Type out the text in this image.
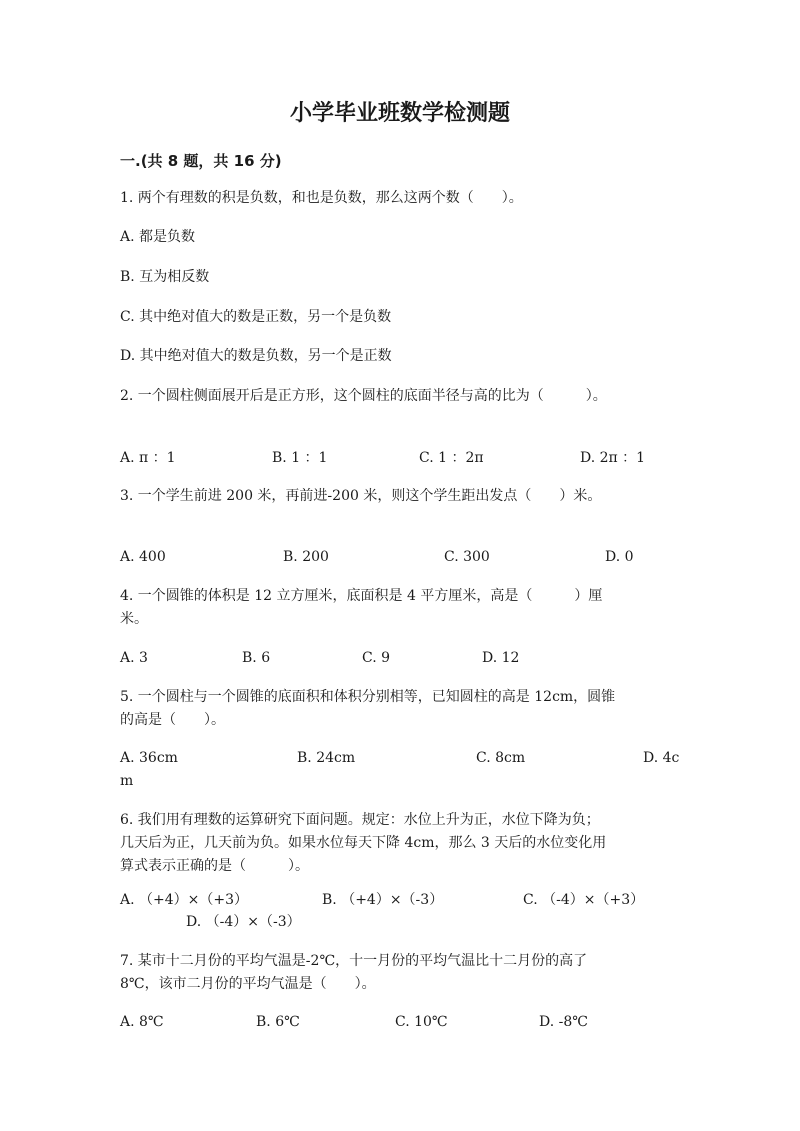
小学毕业班数学检测题
一.(共 8 题，共 16 分)
1. 两个有理数的积是负数，和也是负数，那么这两个数（　　）。
A. 都是负数
B. 互为相反数
C. 其中绝对值大的数是正数，另一个是负数
D. 其中绝对值大的数是负数，另一个是正数
2. 一个圆柱侧面展开后是正方形，这个圆柱的底面半径与高的比为（　　　）。
A. π ：1	B. 1 ：1	C. 1 ：2π	D. 2π ：1
3. 一个学生前进 200 米，再前进-200 米，则这个学生距出发点（　　）米。
A. 400	B. 200	C. 300	D. 0
4. 一个圆锥的体积是 12 立方厘米，底面积是 4 平方厘米，高是（　　　）厘
米。
A. 3	B. 6	C. 9	D. 12
5. 一个圆柱与一个圆锥的底面积和体积分别相等，已知圆柱的高是 12cm，圆锥
的高是（　　）。
A. 36cm	B. 24cm	C. 8cm	D. 4c
m
6. 我们用有理数的运算研究下面问题。规定：水位上升为正，水位下降为负；
几天后为正，几天前为负。如果水位每天下降 4cm，那么 3 天后的水位变化用
算式表示正确的是（　　　）。
A. （+4）×（+3）	B. （+4）×（-3）	C. （-4）×（+3）
D. （-4）×（-3）
7. 某市十二月份的平均气温是-2℃，十一月份的平均气温比十二月份的高了
8℃，该市二月份的平均气温是（　　）。
A. 8℃	B. 6℃	C. 10℃	D. -8℃
